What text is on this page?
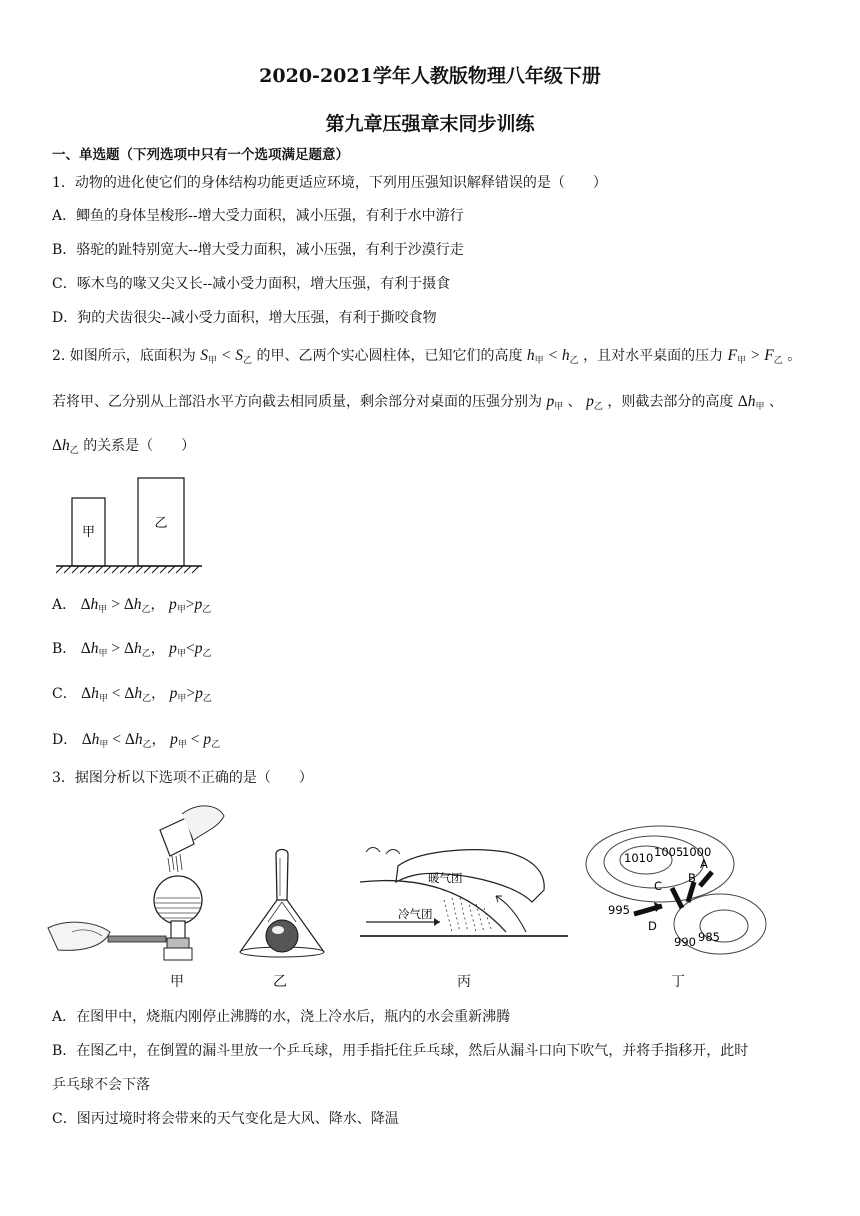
2020-2021学年人教版物理八年级下册
第九章压强章末同步训练
一、单选题（下列选项中只有一个选项满足题意）
1．动物的进化使它们的身体结构功能更适应环境，下列用压强知识解释错误的是（　　）
A．鲫鱼的身体呈梭形--增大受力面积，减小压强，有利于水中游行
B．骆驼的趾特别宽大--增大受力面积，减小压强，有利于沙漠行走
C．啄木鸟的喙又尖又长--减小受力面积，增大压强，有利于摄食
D．狗的犬齿很尖--减小受力面积，增大压强，有利于撕咬食物
2. 如图所示，底面积为 S甲 < S乙 的甲、乙两个实心圆柱体，已知它们的高度 h甲 < h乙 ，且对水平桌面的压力 F甲 > F乙 。
若将甲、乙分别从上部沿水平方向截去相同质量，剩余部分对桌面的压强分别为 p甲 、 p乙 ，则截去部分的高度 Δh甲 、
Δh乙 的关系是（　　）
甲
乙
A． Δh甲 > Δh乙， p甲>p乙
B． Δh甲 > Δh乙， p甲<p乙
C． Δh甲 < Δh乙， p甲>p乙
D． Δh甲 < Δh乙， p甲 < p乙
3．据图分析以下选项不正确的是（　　）
甲	乙
暖气团
冷气团
丙
1010 1005
1000
995
990 985
A
B
C
D
丁
A．在图甲中，烧瓶内刚停止沸腾的水，浇上冷水后，瓶内的水会重新沸腾
B．在图乙中，在倒置的漏斗里放一个乒乓球，用手指托住乒乓球，然后从漏斗口向下吹气，并将手指移开，此时
乒乓球不会下落
C．图丙过境时将会带来的天气变化是大风、降水、降温
